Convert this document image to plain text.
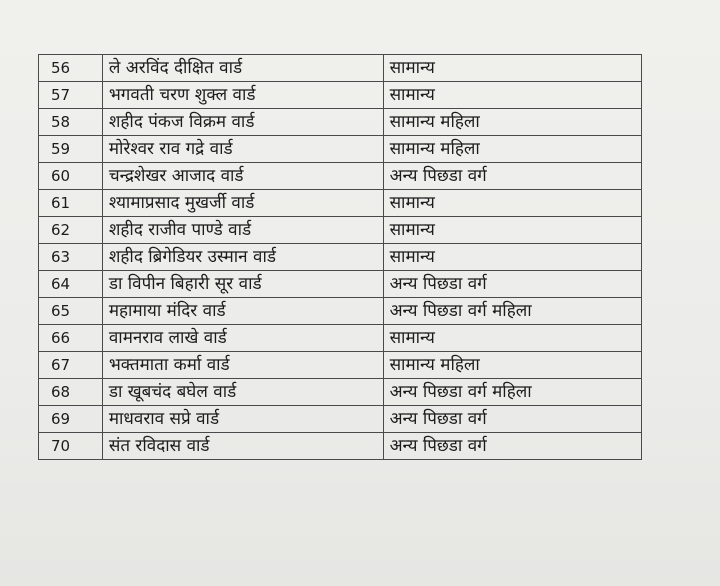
56	ले अरविंद दीक्षित वार्ड	सामान्य
57	भगवती चरण शुक्ल वार्ड	सामान्य
58	शहीद पंकज विक्रम वार्ड	सामान्य महिला
59	मोरेश्वर राव गद्रे वार्ड	सामान्य महिला
60	चन्द्रशेखर आजाद वार्ड	अन्य पिछडा वर्ग
61	श्यामाप्रसाद मुखर्जी वार्ड	सामान्य
62	शहीद राजीव पाण्डे वार्ड	सामान्य
63	शहीद ब्रिगेडियर उस्मान वार्ड	सामान्य
64	डा विपीन बिहारी सूर वार्ड	अन्य पिछडा वर्ग
65	महामाया मंदिर वार्ड	अन्य पिछडा वर्ग महिला
66	वामनराव लाखे वार्ड	सामान्य
67	भक्तमाता कर्मा वार्ड	सामान्य महिला
68	डा खूबचंद बघेल वार्ड	अन्य पिछडा वर्ग महिला
69	माधवराव सप्रे वार्ड	अन्य पिछडा वर्ग
70	संत रविदास वार्ड	अन्य पिछडा वर्ग
